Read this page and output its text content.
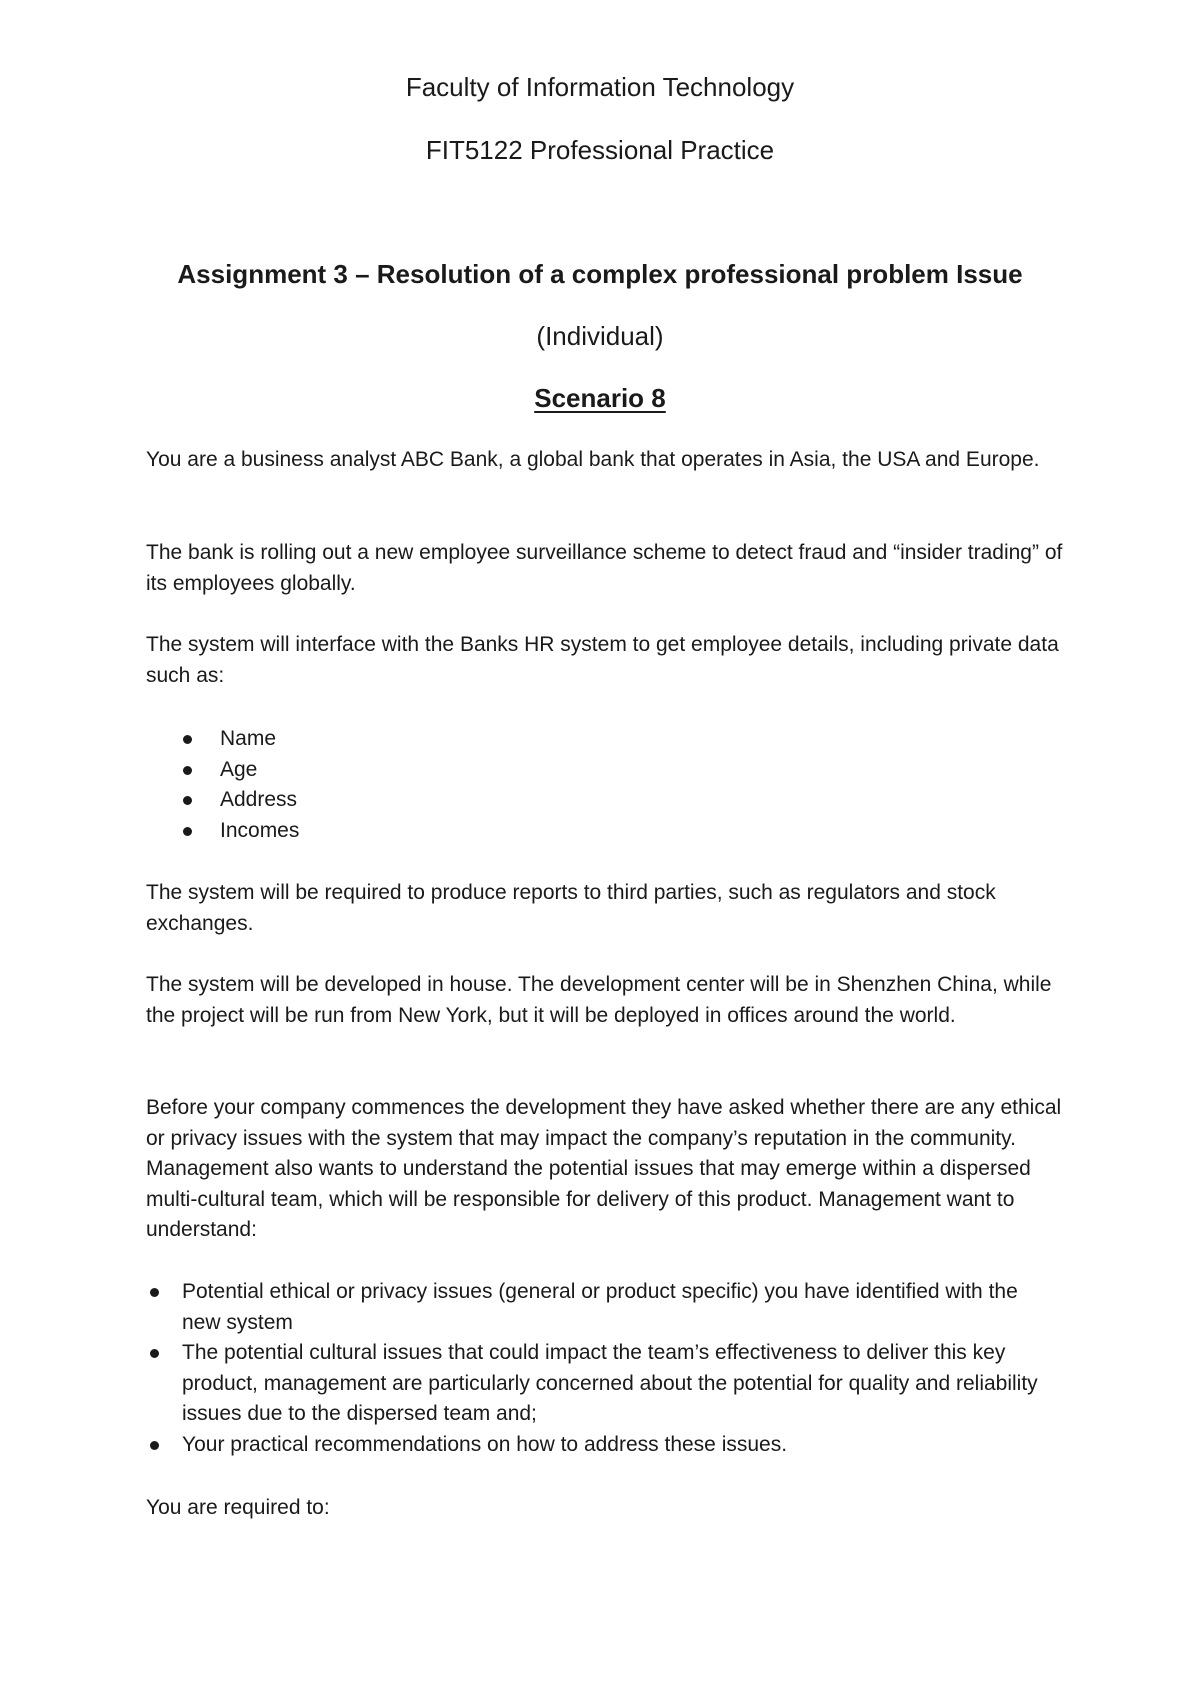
Faculty of Information Technology
FIT5122 Professional Practice
Assignment 3 – Resolution of a complex professional problem Issue
(Individual)
Scenario 8

You are a business analyst ABC Bank, a global bank that operates in Asia, the USA and Europe.

The bank is rolling out a new employee surveillance scheme to detect fraud and “insider trading” of its employees globally.

The system will interface with the Banks HR system to get employee details, including private data such as:

Name
Age
Address
Incomes

The system will be required to produce reports to third parties, such as regulators and stock exchanges.

The system will be developed in house. The development center will be in Shenzhen China, while the project will be run from New York, but it will be deployed in offices around the world.

Before your company commences the development they have asked whether there are any ethical or privacy issues with the system that may impact the company’s reputation in the community. Management also wants to understand the potential issues that may emerge within a dispersed multi-cultural team, which will be responsible for delivery of this product. Management want to understand:

Potential ethical or privacy issues (general or product specific) you have identified with the new system
The potential cultural issues that could impact the team’s effectiveness to deliver this key product, management are particularly concerned about the potential for quality and reliability issues due to the dispersed team and;
Your practical recommendations on how to address these issues.

You are required to:
